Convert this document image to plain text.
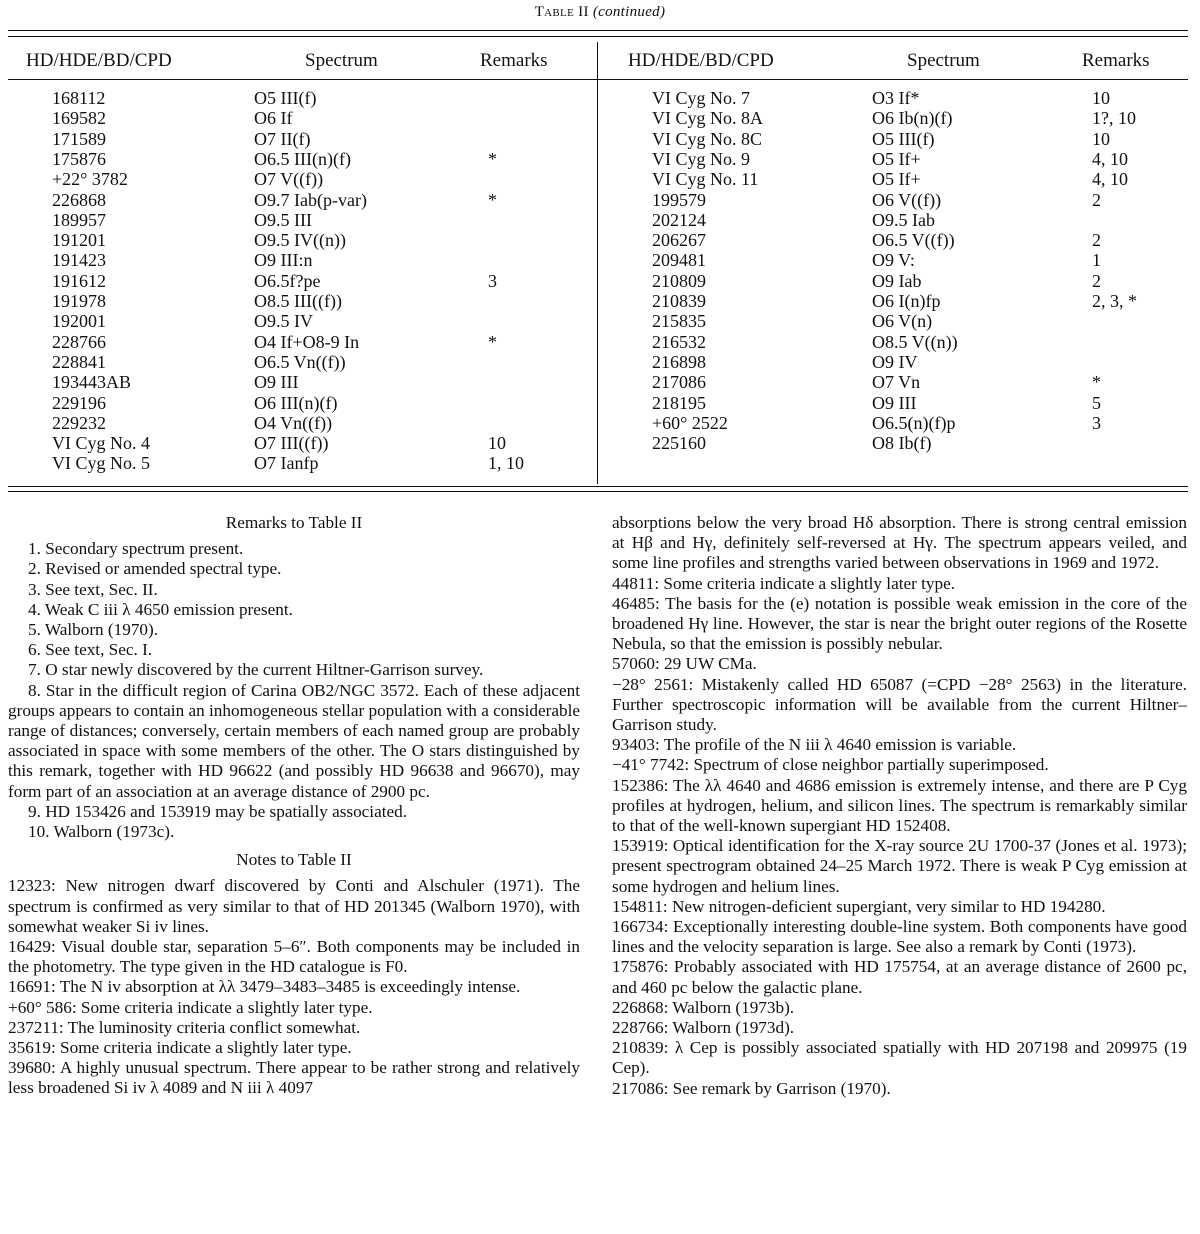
Table II (continued)
HD/HDE/BD/CPD	Spectrum	Remarks	HD/HDE/BD/CPD	Spectrum	Remarks
168112	O5 III(f)
169582	O6 If
171589	O7 II(f)
175876	O6.5 III(n)(f)	*
+22° 3782	O7 V((f))
226868	O9.7 Iab(p-var)	*
189957	O9.5 III
191201	O9.5 IV((n))
191423	O9 III:n
191612	O6.5f?pe	3
191978	O8.5 III((f))
192001	O9.5 IV
228766	O4 If+O8-9 In	*
228841	O6.5 Vn((f))
193443AB	O9 III
229196	O6 III(n)(f)
229232	O4 Vn((f))
VI Cyg No. 4	O7 III((f))	10
VI Cyg No. 5	O7 Ianfp	1, 10
VI Cyg No. 7	O3 If*	10
VI Cyg No. 8A	O6 Ib(n)(f)	1?, 10
VI Cyg No. 8C	O5 III(f)	10
VI Cyg No. 9	O5 If+	4, 10
VI Cyg No. 11	O5 If+	4, 10
199579	O6 V((f))	2
202124	O9.5 Iab
206267	O6.5 V((f))	2
209481	O9 V:	1
210809	O9 Iab	2
210839	O6 I(n)fp	2, 3, *
215835	O6 V(n)
216532	O8.5 V((n))
216898	O9 IV
217086	O7 Vn	*
218195	O9 III	5
+60° 2522	O6.5(n)(f)p	3
225160	O8 Ib(f)

Remarks to Table II

1. Secondary spectrum present.

2. Revised or amended spectral type.

3. See text, Sec. II.

4. Weak C iii λ 4650 emission present.

5. Walborn (1970).

6. See text, Sec. I.

7. O star newly discovered by the current Hiltner-Garrison survey.

8. Star in the difficult region of Carina OB2/NGC 3572. Each of these adjacent groups appears to contain an inhomogeneous stellar population with a considerable range of distances; conversely, certain members of each named group are probably associated in space with some members of the other. The O stars distinguished by this remark, together with HD 96622 (and possibly HD 96638 and 96670), may form part of an association at an average distance of 2900 pc.

9. HD 153426 and 153919 may be spatially associated.

10. Walborn (1973c).

Notes to Table II

12323: New nitrogen dwarf discovered by Conti and Alschuler (1971). The spectrum is confirmed as very similar to that of HD 201345 (Walborn 1970), with somewhat weaker Si iv lines.

16429: Visual double star, separation 5–6″. Both components may be included in the photometry. The type given in the HD catalogue is F0.

16691: The N iv absorption at λλ 3479–3483–3485 is exceedingly intense.

+60° 586: Some criteria indicate a slightly later type.

237211: The luminosity criteria conflict somewhat.

35619: Some criteria indicate a slightly later type.

39680: A highly unusual spectrum. There appear to be rather strong and relatively less broadened Si iv λ 4089 and N iii λ 4097

absorptions below the very broad Hδ absorption. There is strong central emission at Hβ and Hγ, definitely self-reversed at Hγ. The spectrum appears veiled, and some line profiles and strengths varied between observations in 1969 and 1972.

44811: Some criteria indicate a slightly later type.

46485: The basis for the (e) notation is possible weak emission in the core of the broadened Hγ line. However, the star is near the bright outer regions of the Rosette Nebula, so that the emission is possibly nebular.

57060: 29 UW CMa.

−28° 2561: Mistakenly called HD 65087 (=CPD −28° 2563) in the literature. Further spectroscopic information will be available from the current Hiltner–Garrison study.

93403: The profile of the N iii λ 4640 emission is variable.

−41° 7742: Spectrum of close neighbor partially superimposed.

152386: The λλ 4640 and 4686 emission is extremely intense, and there are P Cyg profiles at hydrogen, helium, and silicon lines. The spectrum is remarkably similar to that of the well-known supergiant HD 152408.

153919: Optical identification for the X-ray source 2U 1700-37 (Jones et al. 1973); present spectrogram obtained 24–25 March 1972. There is weak P Cyg emission at some hydrogen and helium lines.

154811: New nitrogen-deficient supergiant, very similar to HD 194280.

166734: Exceptionally interesting double-line system. Both components have good lines and the velocity separation is large. See also a remark by Conti (1973).

175876: Probably associated with HD 175754, at an average distance of 2600 pc, and 460 pc below the galactic plane.

226868: Walborn (1973b).

228766: Walborn (1973d).

210839: λ Cep is possibly associated spatially with HD 207198 and 209975 (19 Cep).

217086: See remark by Garrison (1970).
